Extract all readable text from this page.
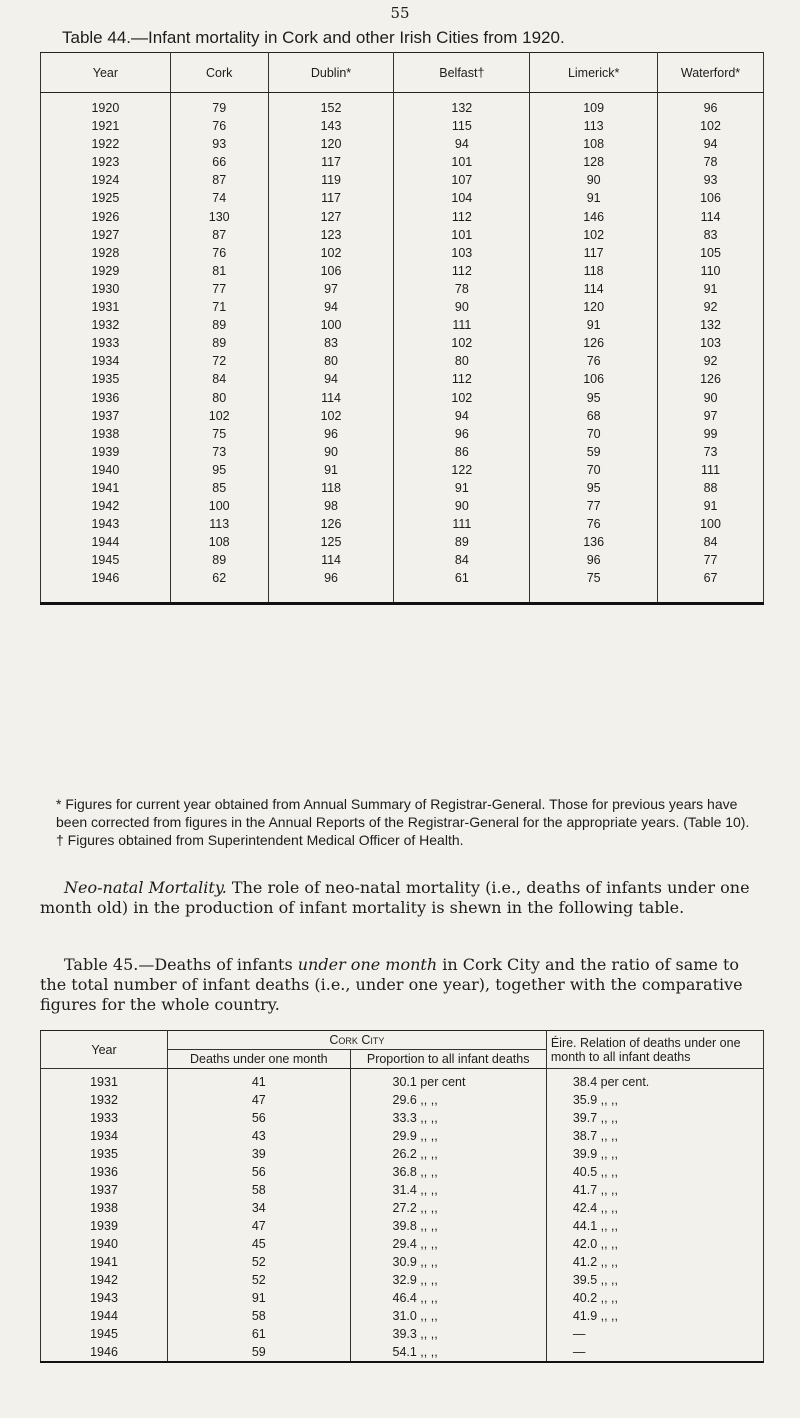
55
Table 44.—Infant mortality in Cork and other Irish Cities from 1920.
Year	Cork	Dublin*	Belfast†	Limerick*	Waterford*
1920	79	152	132	109	96
1921	76	143	115	113	102
1922	93	120	94	108	94
1923	66	117	101	128	78
1924	87	119	107	90	93
1925	74	117	104	91	106
1926	130	127	112	146	114
1927	87	123	101	102	83
1928	76	102	103	117	105
1929	81	106	112	118	110
1930	77	97	78	114	91
1931	71	94	90	120	92
1932	89	100	111	91	132
1933	89	83	102	126	103
1934	72	80	80	76	92
1935	84	94	112	106	126
1936	80	114	102	95	90
1937	102	102	94	68	97
1938	75	96	96	70	99
1939	73	90	86	59	73
1940	95	91	122	70	111
1941	85	118	91	95	88
1942	100	98	90	77	91
1943	113	126	111	76	100
1944	108	125	89	136	84
1945	89	114	84	96	77
1946	62	96	61	75	67

* Figures for current year obtained from Annual Summary of Registrar-General. Those for previous years have been corrected from figures in the Annual Reports of the Registrar-General for the appropriate years. (Table 10).

† Figures obtained from Superintendent Medical Officer of Health.

Neo-natal Mortality. The role of neo-natal mortality (i.e., deaths of infants under one month old) in the production of infant mortality is shewn in the following table.

Table 45.—Deaths of infants under one month in Cork City and the ratio of same to the total number of infant deaths (i.e., under one year), together with the comparative figures for the whole country.

Year	Cork City		Éire. Relation of deaths under one month to all infant deaths
	Deaths under one month	Proportion to all infant deaths	
1931	41	30.1 per cent	38.4 per cent.
1932	47	29.6 ,, ,,	35.9 ,, ,,
1933	56	33.3 ,, ,,	39.7 ,, ,,
1934	43	29.9 ,, ,,	38.7 ,, ,,
1935	39	26.2 ,, ,,	39.9 ,, ,,
1936	56	36.8 ,, ,,	40.5 ,, ,,
1937	58	31.4 ,, ,,	41.7 ,, ,,
1938	34	27.2 ,, ,,	42.4 ,, ,,
1939	47	39.8 ,, ,,	44.1 ,, ,,
1940	45	29.4 ,, ,,	42.0 ,, ,,
1941	52	30.9 ,, ,,	41.2 ,, ,,
1942	52	32.9 ,, ,,	39.5 ,, ,,
1943	91	46.4 ,, ,,	40.2 ,, ,,
1944	58	31.0 ,, ,,	41.9 ,, ,,
1945	61	39.3 ,, ,,	—
1946	59	54.1 ,, ,,	—
